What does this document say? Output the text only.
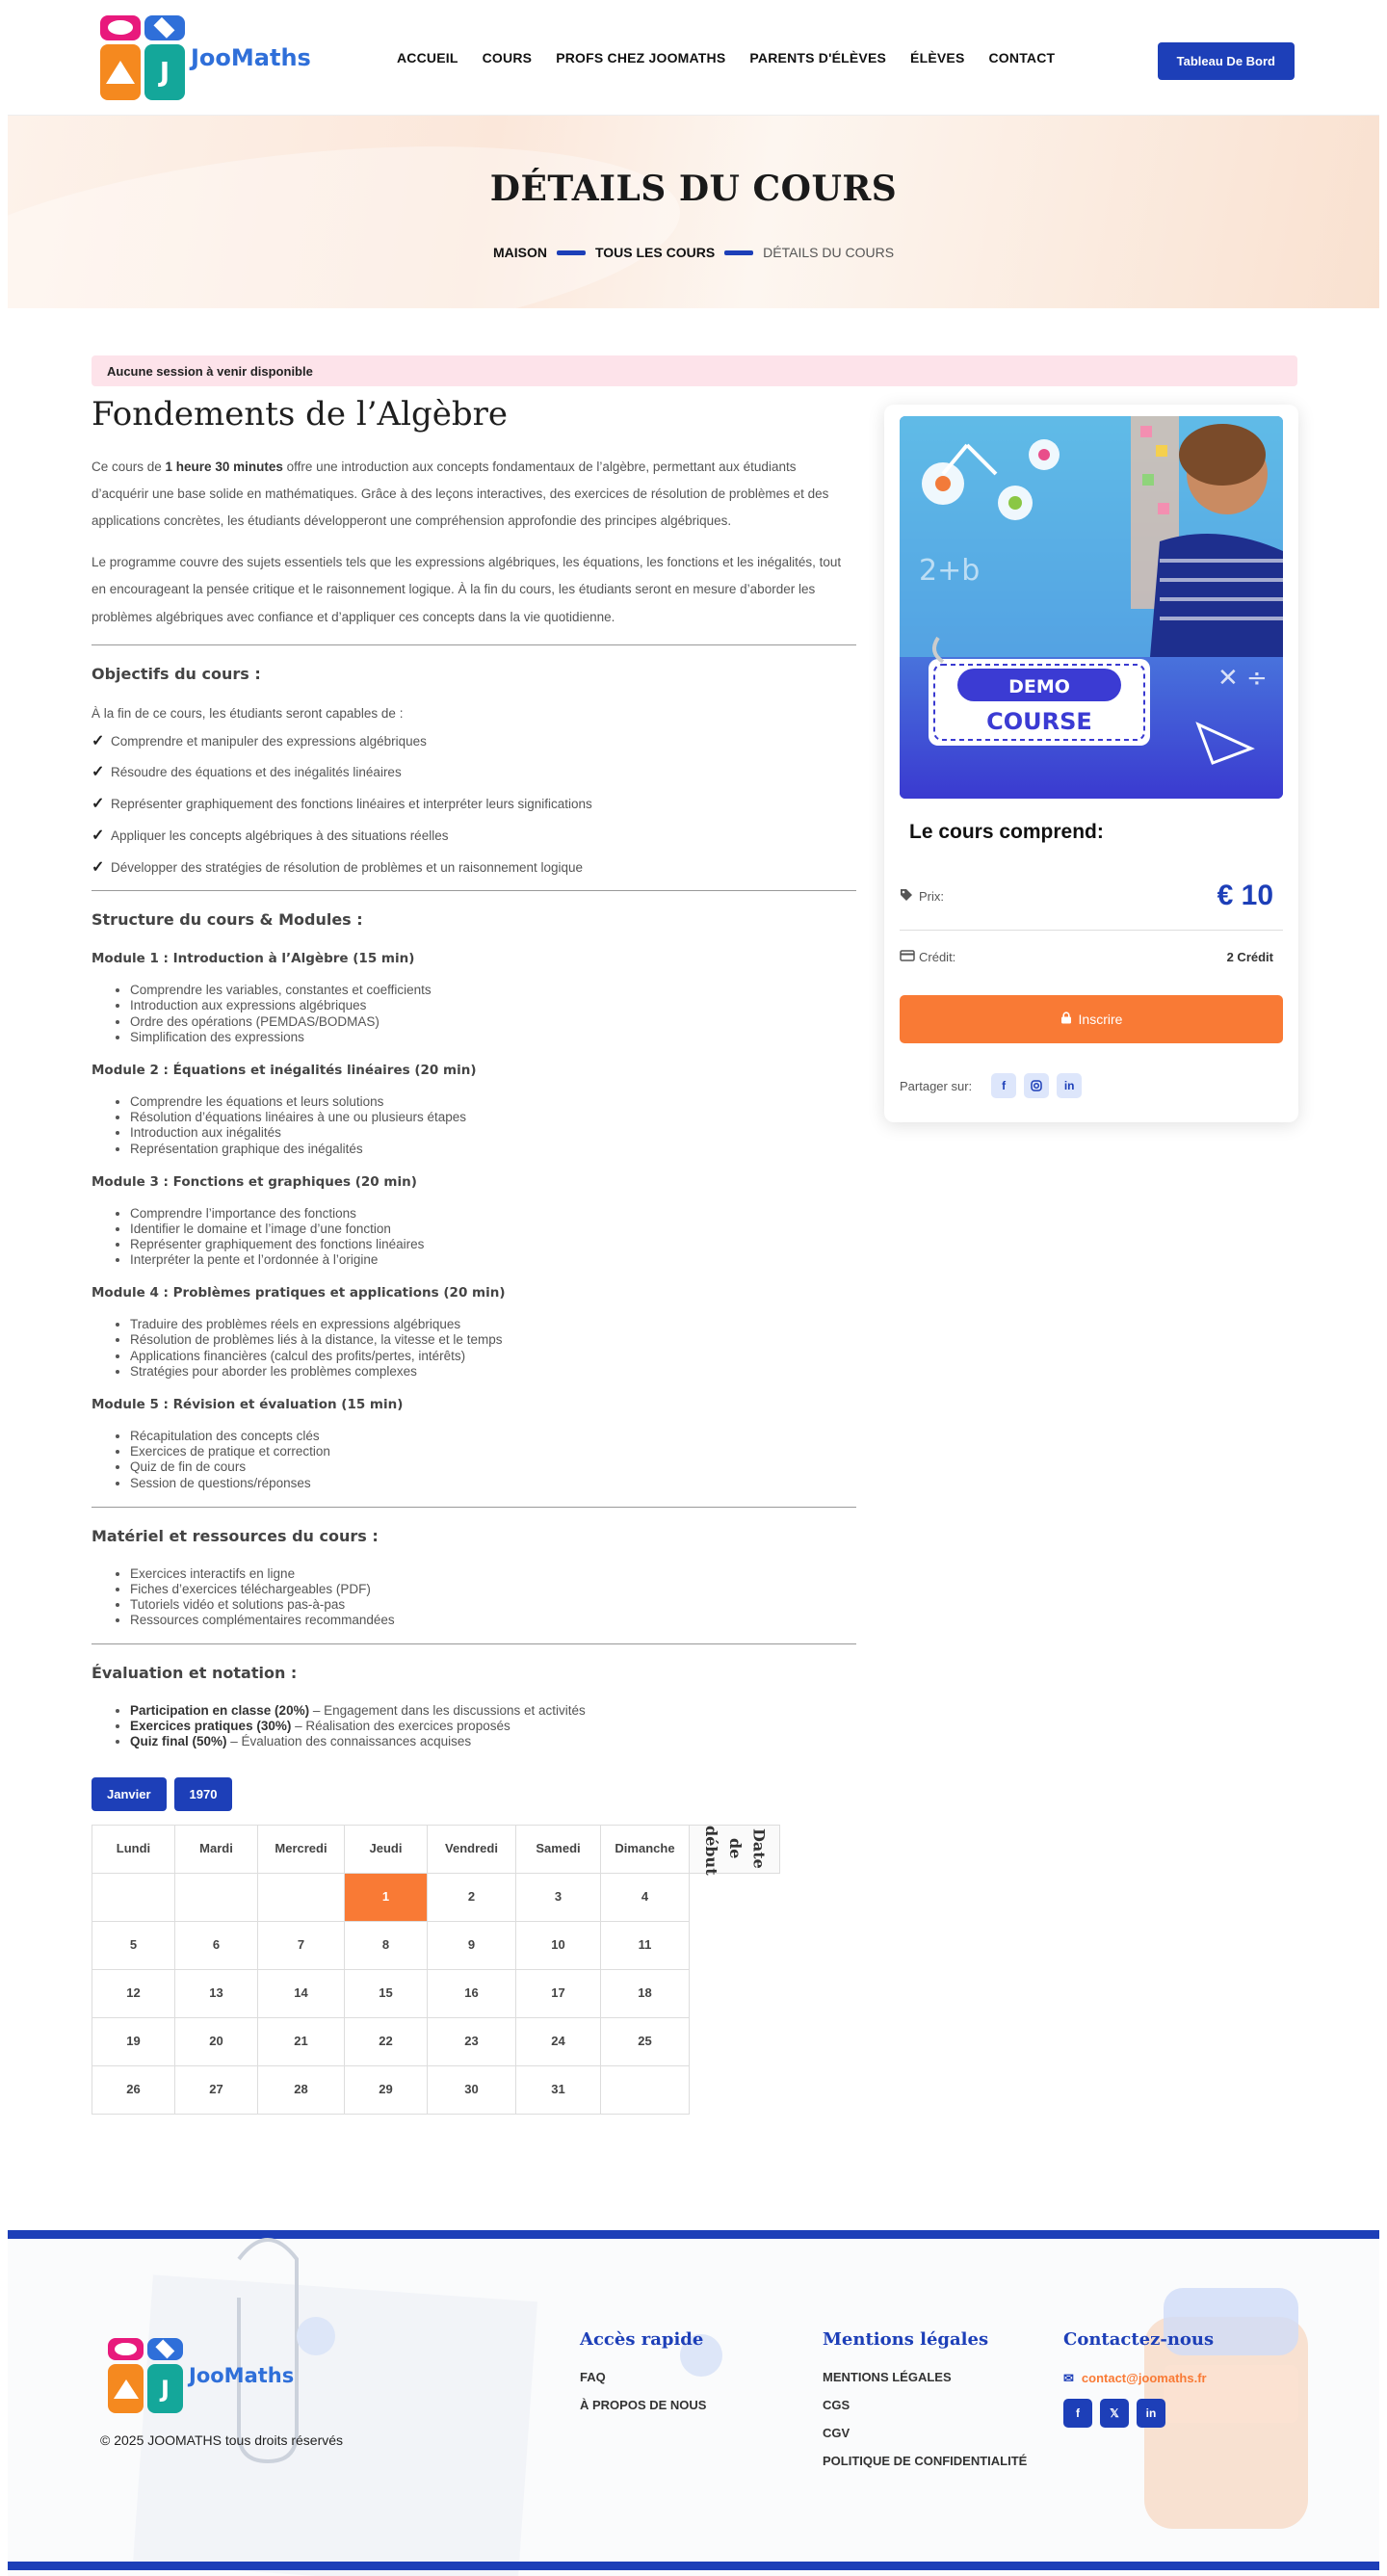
J JooMaths	ACCUEIL COURS PROFS CHEZ JOOMATHS PARENTS D'ÉLÈVES ÉLÈVES CONTACT	Tableau De Bord
DÉTAILS DU COURS
MAISON	TOUS LES COURS	DÉTAILS DU COURS
Aucune session à venir disponible
Fondements de l’Algèbre

Ce cours de 1 heure 30 minutes offre une introduction aux concepts fondamentaux de l’algèbre, permettant aux étudiants d’acquérir une base solide en mathématiques. Grâce à des leçons interactives, des exercices de résolution de problèmes et des applications concrètes, les étudiants développeront une compréhension approfondie des principes algébriques.

Le programme couvre des sujets essentiels tels que les expressions algébriques, les équations, les fonctions et les inégalités, tout en encourageant la pensée critique et le raisonnement logique. À la fin du cours, les étudiants seront en mesure d’aborder les problèmes algébriques avec confiance et d’appliquer ces concepts dans la vie quotidienne.

Objectifs du cours :

À la fin de ce cours, les étudiants seront capables de :

✓ Comprendre et manipuler des expressions algébriques
✓ Résoudre des équations et des inégalités linéaires
✓ Représenter graphiquement des fonctions linéaires et interpréter leurs significations
✓ Appliquer les concepts algébriques à des situations réelles
✓ Développer des stratégies de résolution de problèmes et un raisonnement logique
Structure du cours & Modules :
Module 1 : Introduction à l’Algèbre (15 min)
• Comprendre les variables, constantes et coefficients
• Introduction aux expressions algébriques
• Ordre des opérations (PEMDAS/BODMAS)
• Simplification des expressions
Module 2 : Équations et inégalités linéaires (20 min)
• Comprendre les équations et leurs solutions
• Résolution d’équations linéaires à une ou plusieurs étapes
• Introduction aux inégalités
• Représentation graphique des inégalités
Module 3 : Fonctions et graphiques (20 min)
• Comprendre l’importance des fonctions
• Identifier le domaine et l’image d’une fonction
• Représenter graphiquement des fonctions linéaires
• Interpréter la pente et l’ordonnée à l’origine
Module 4 : Problèmes pratiques et applications (20 min)
• Traduire des problèmes réels en expressions algébriques
• Résolution de problèmes liés à la distance, la vitesse et le temps
• Applications financières (calcul des profits/pertes, intérêts)
• Stratégies pour aborder les problèmes complexes
Module 5 : Révision et évaluation (15 min)
• Récapitulation des concepts clés
• Exercices de pratique et correction
• Quiz de fin de cours
• Session de questions/réponses
Matériel et ressources du cours :
• Exercices interactifs en ligne
• Fiches d’exercices téléchargeables (PDF)
• Tutoriels vidéo et solutions pas-à-pas
• Ressources complémentaires recommandées
Évaluation et notation :
• Participation en classe (20%) – Engagement dans les discussions et activités
• Exercices pratiques (30%) – Réalisation des exercices proposés
• Quiz final (50%) – Évaluation des connaissances acquises
Janvier	1970
Lundi	Mardi	Mercredi	Jeudi	Vendredi	Samedi	Dimanche	Date de début
			1	2	3	4	
5	6	7	8	9	10	11	
12	13	14	15	16	17	18	
19	20	21	22	23	24	25	
26	27	28	29	30	31		
2+b
✕ ÷
DEMO
COURSE
Le cours comprend:
Prix:	€ 10
Crédit:	2 Crédit
Inscrire
Partager sur:	f	in
J JooMaths
© 2025 JOOMATHS tous droits réservés
Accès rapide
FAQ
À PROPOS DE NOUS
Mentions légales
MENTIONS LÉGALES
CGS
CGV
POLITIQUE DE CONFIDENTIALITÉ
Contactez-nous
✉ contact@joomaths.fr
f	𝕏	in
